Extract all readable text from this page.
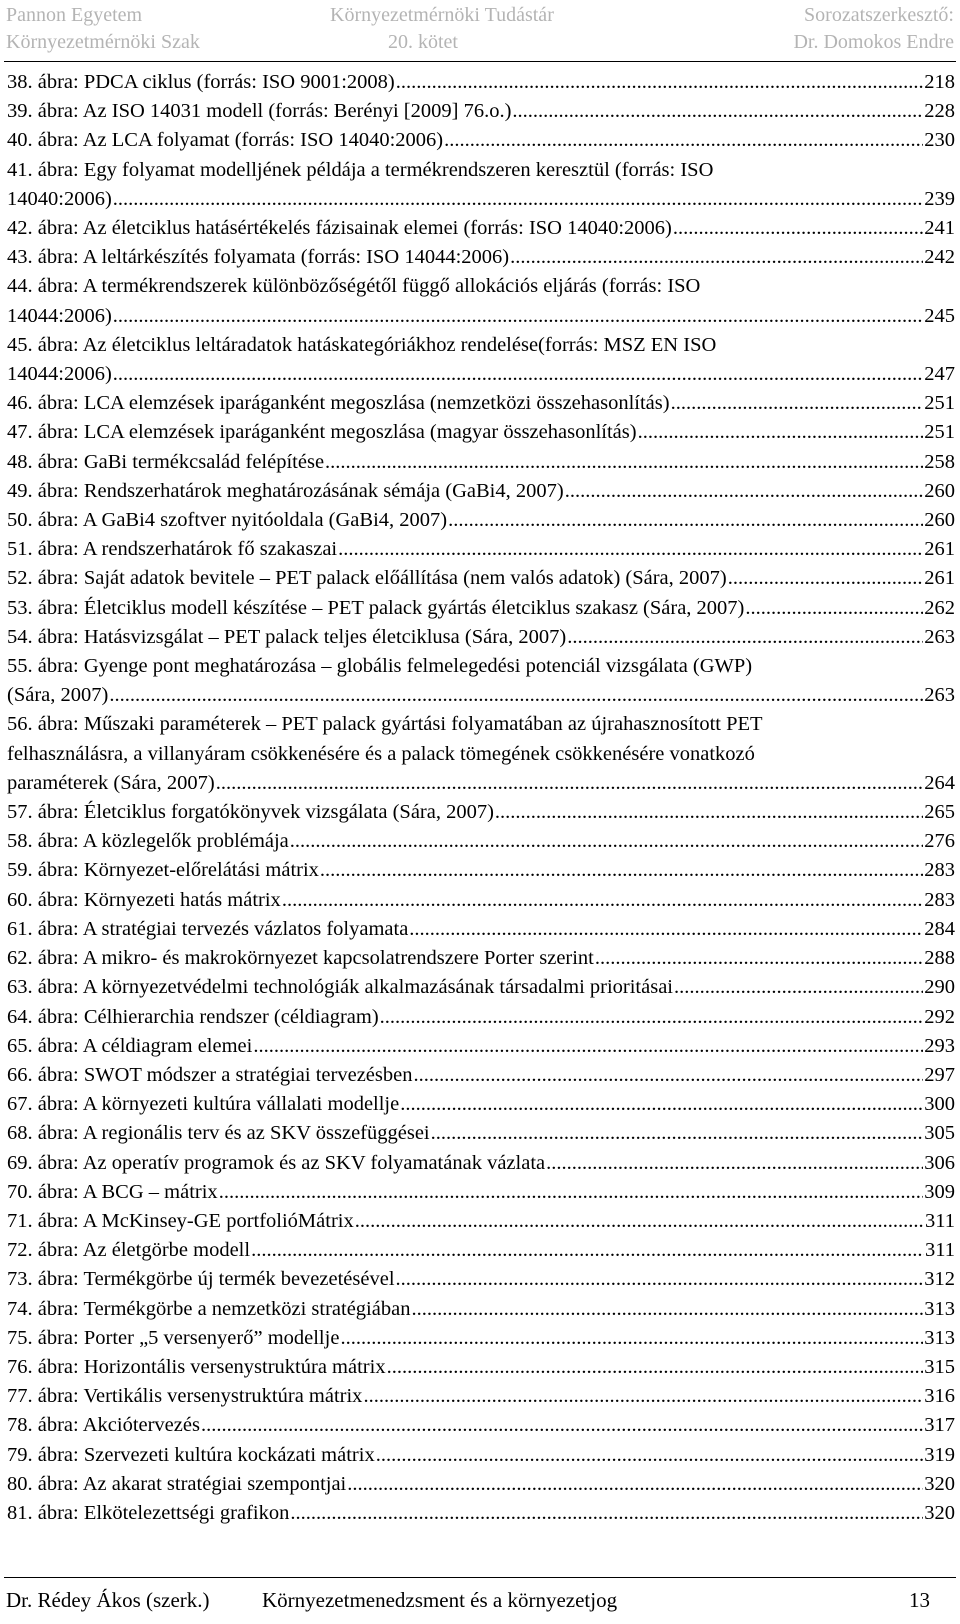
Pannon Egyetem
Környezetmérnöki Szak
Környezetmérnöki Tudástár
20. kötet
Sorozatszerkesztő:
Dr. Domokos Endre
38. ábra: PDCA ciklus (forrás: ISO 9001:2008) .....	218
39. ábra: Az ISO 14031 modell (forrás: Berényi [2009] 76.o.) .....	228
40. ábra: Az LCA folyamat (forrás: ISO 14040:2006) .....	230
41. ábra: Egy folyamat modelljének példája a termékrendszeren keresztül (forrás: ISO
14040:2006) .....	239
42. ábra: Az életciklus hatásértékelés fázisainak elemei (forrás: ISO 14040:2006) .....	241
43. ábra: A leltárkészítés folyamata (forrás: ISO 14044:2006) .....	242
44. ábra: A termékrendszerek különbözőségétől függő allokációs eljárás (forrás: ISO
14044:2006) .....	245
45. ábra: Az életciklus leltáradatok hatáskategóriákhoz rendelése(forrás: MSZ EN ISO
14044:2006) .....	247
46. ábra: LCA elemzések iparáganként megoszlása (nemzetközi összehasonlítás) .....	251
47. ábra: LCA elemzések iparáganként megoszlása (magyar összehasonlítás) .....	251
48. ábra: GaBi termékcsalád felépítése .....	258
49. ábra: Rendszerhatárok meghatározásának sémája (GaBi4, 2007) .....	260
50. ábra: A GaBi4 szoftver nyitóoldala (GaBi4, 2007) .....	260
51. ábra: A rendszerhatárok fő szakaszai .....	261
52. ábra: Saját adatok bevitele – PET palack előállítása (nem valós adatok) (Sára, 2007) .....	261
53. ábra: Életciklus modell készítése – PET palack gyártás életciklus szakasz (Sára, 2007) .....	262
54. ábra: Hatásvizsgálat – PET palack teljes életciklusa (Sára, 2007) .....	263
55. ábra: Gyenge pont meghatározása – globális felmelegedési potenciál vizsgálata (GWP)
(Sára, 2007) .....	263
56. ábra: Műszaki paraméterek – PET palack gyártási folyamatában az újrahasznosított PET
felhasználásra, a villanyáram csökkenésére és a palack tömegének csökkenésére vonatkozó
paraméterek (Sára, 2007) .....	264
57. ábra: Életciklus forgatókönyvek vizsgálata (Sára, 2007) .....	265
58. ábra: A közlegelők problémája .....	276
59. ábra: Környezet-előrelátási mátrix .....	283
60. ábra: Környezeti hatás mátrix .....	283
61. ábra: A stratégiai tervezés vázlatos folyamata .....	284
62. ábra: A mikro- és makrokörnyezet kapcsolatrendszere Porter szerint .....	288
63. ábra: A környezetvédelmi technológiák alkalmazásának társadalmi prioritásai .....	290
64. ábra: Célhierarchia rendszer (céldiagram) .....	292
65. ábra: A céldiagram elemei .....	293
66. ábra: SWOT módszer a stratégiai tervezésben .....	297
67. ábra: A környezeti kultúra vállalati modellje .....	300
68. ábra: A regionális terv és az SKV összefüggései .....	305
69. ábra: Az operatív programok és az SKV folyamatának vázlata .....	306
70. ábra: A BCG – mátrix .....	309
71. ábra: A McKinsey-GE portfolióMátrix .....	311
72. ábra: Az életgörbe modell .....	311
73. ábra: Termékgörbe új termék bevezetésével .....	312
74. ábra: Termékgörbe a nemzetközi stratégiában .....	313
75. ábra: Porter „5 versenyerő” modellje .....	313
76. ábra: Horizontális versenystruktúra mátrix .....	315
77. ábra: Vertikális versenystruktúra mátrix .....	316
78. ábra: Akciótervezés .....	317
79. ábra: Szervezeti kultúra kockázati mátrix .....	319
80. ábra: Az akarat stratégiai szempontjai .....	320
81. ábra: Elkötelezettségi grafikon .....	320
Dr. Rédey Ákos (szerk.) Környezetmenedzsment és a környezetjog	13
